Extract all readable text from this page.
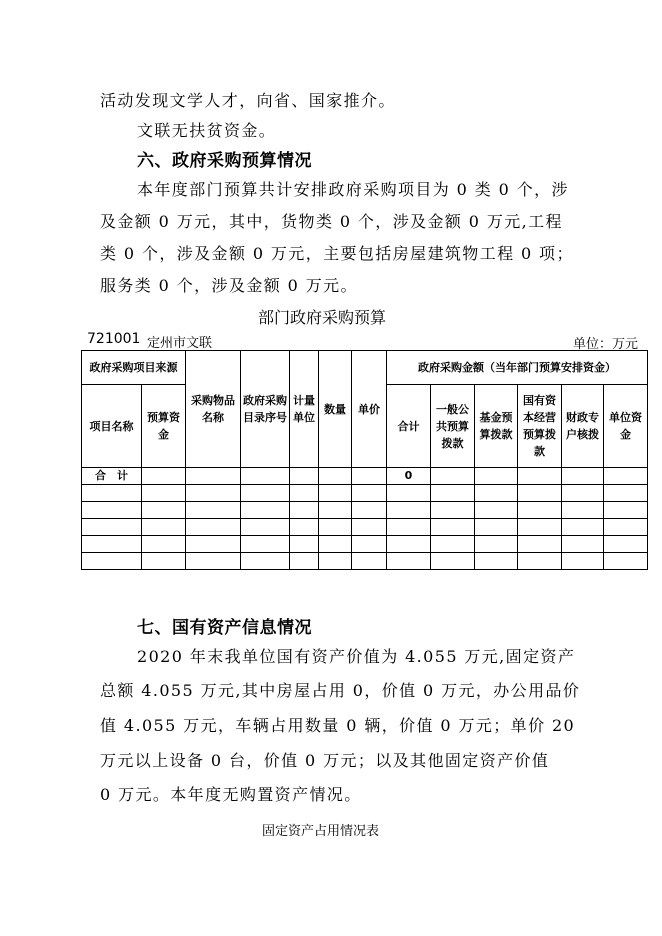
活动发现文学人才，向省、国家推介。
文联无扶贫资金。
六、政府采购预算情况
本年度部门预算共计安排政府采购项目为 0 类 0 个，涉
及金额 0 万元，其中，货物类 0 个，涉及金额 0 万元,工程
类 0 个，涉及金额 0 万元，主要包括房屋建筑物工程 0 项；
服务类 0 个，涉及金额 0 万元。
部门政府采购预算
721001 定州市文联	单位：万元
政府采购项目来源		采购物品名称	政府采购目录序号	计量单位	数量	单价	政府采购金额（当年部门预算安排资金）					
项目名称	预算资金						合计	一般公共预算拨款	基金预算拨款	国有资本经营预算拨款	财政专户核拨	单位资金
合　计							0					

七、国有资产信息情况
2020 年末我单位国有资产价值为 4.055 万元,固定资产
总额 4.055 万元,其中房屋占用 0，价值 0 万元，办公用品价
值 4.055 万元，车辆占用数量 0 辆，价值 0 万元；单价 20
万元以上设备 0 台，价值 0 万元；以及其他固定资产价值
0 万元。本年度无购置资产情况。
固定资产占用情况表
